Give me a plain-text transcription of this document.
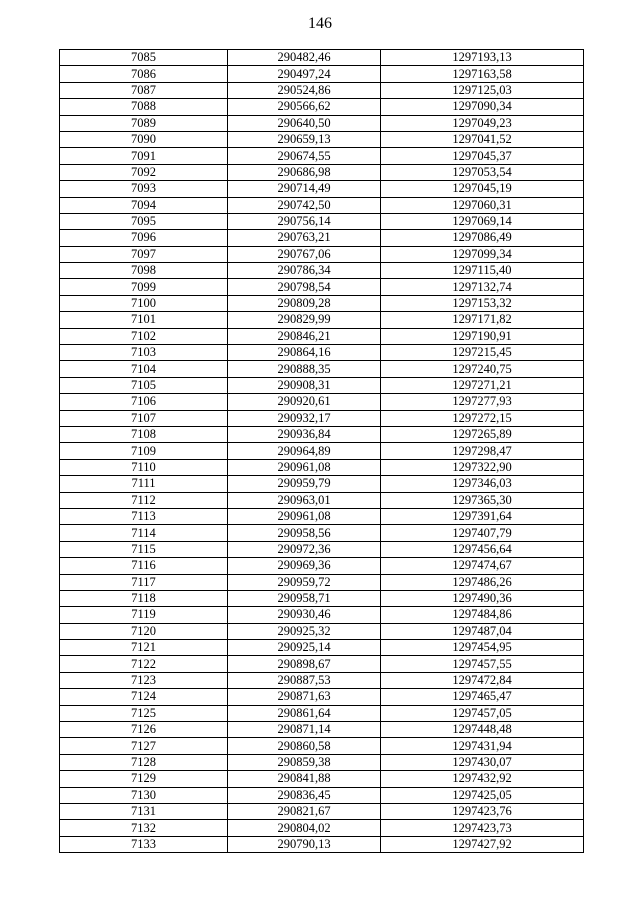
146
7085	290482,46	1297193,13
7086	290497,24	1297163,58
7087	290524,86	1297125,03
7088	290566,62	1297090,34
7089	290640,50	1297049,23
7090	290659,13	1297041,52
7091	290674,55	1297045,37
7092	290686,98	1297053,54
7093	290714,49	1297045,19
7094	290742,50	1297060,31
7095	290756,14	1297069,14
7096	290763,21	1297086,49
7097	290767,06	1297099,34
7098	290786,34	1297115,40
7099	290798,54	1297132,74
7100	290809,28	1297153,32
7101	290829,99	1297171,82
7102	290846,21	1297190,91
7103	290864,16	1297215,45
7104	290888,35	1297240,75
7105	290908,31	1297271,21
7106	290920,61	1297277,93
7107	290932,17	1297272,15
7108	290936,84	1297265,89
7109	290964,89	1297298,47
7110	290961,08	1297322,90
7111	290959,79	1297346,03
7112	290963,01	1297365,30
7113	290961,08	1297391,64
7114	290958,56	1297407,79
7115	290972,36	1297456,64
7116	290969,36	1297474,67
7117	290959,72	1297486,26
7118	290958,71	1297490,36
7119	290930,46	1297484,86
7120	290925,32	1297487,04
7121	290925,14	1297454,95
7122	290898,67	1297457,55
7123	290887,53	1297472,84
7124	290871,63	1297465,47
7125	290861,64	1297457,05
7126	290871,14	1297448,48
7127	290860,58	1297431,94
7128	290859,38	1297430,07
7129	290841,88	1297432,92
7130	290836,45	1297425,05
7131	290821,67	1297423,76
7132	290804,02	1297423,73
7133	290790,13	1297427,92
